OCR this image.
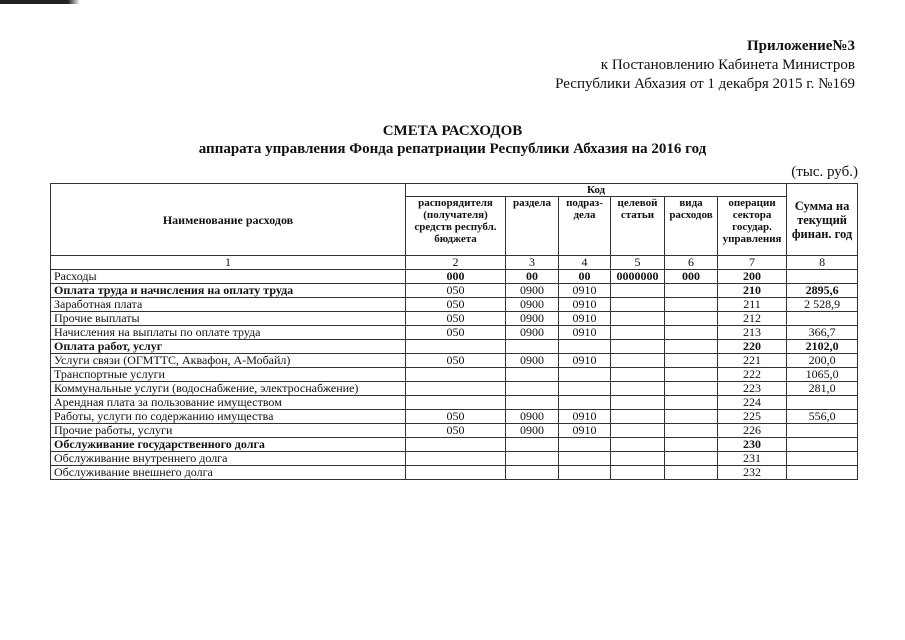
Приложение№3
к Постановлению Кабинета Министров
Республики Абхазия от 1 декабря 2015 г. №169
СМЕТА РАСХОДОВ
аппарата управления Фонда репатриации Республики Абхазия на 2016 год
(тыс. руб.)
Наименование расходов	Код						Сумма на текущий финан. год
	распорядителя (получателя) средств республ. бюджета	раздела	подраз-дела	целевой статьи	вида расходов	операции сектора государ. управления	
1	2	3	4	5	6	7	8
Расходы	000	00	00	0000000	000	200	
Оплата труда и начисления на оплату труда	050	0900	0910			210	2895,6
Заработная плата	050	0900	0910			211	2 528,9
Прочие выплаты	050	0900	0910			212	
Начисления на выплаты по оплате труда	050	0900	0910			213	366,7
Оплата работ, услуг						220	2102,0
Услуги связи (ОГМТТС, Аквафон, А-Мобайл)	050	0900	0910			221	200,0
Транспортные услуги						222	1065,0
Коммунальные услуги (водоснабжение, электроснабжение)						223	281,0
Арендная плата за пользование имуществом						224	
Работы, услуги по содержанию имущества	050	0900	0910			225	556,0
Прочие работы, услуги	050	0900	0910			226	
Обслуживание государственного долга						230	
Обслуживание внутреннего долга						231	
Обслуживание внешнего долга						232	
